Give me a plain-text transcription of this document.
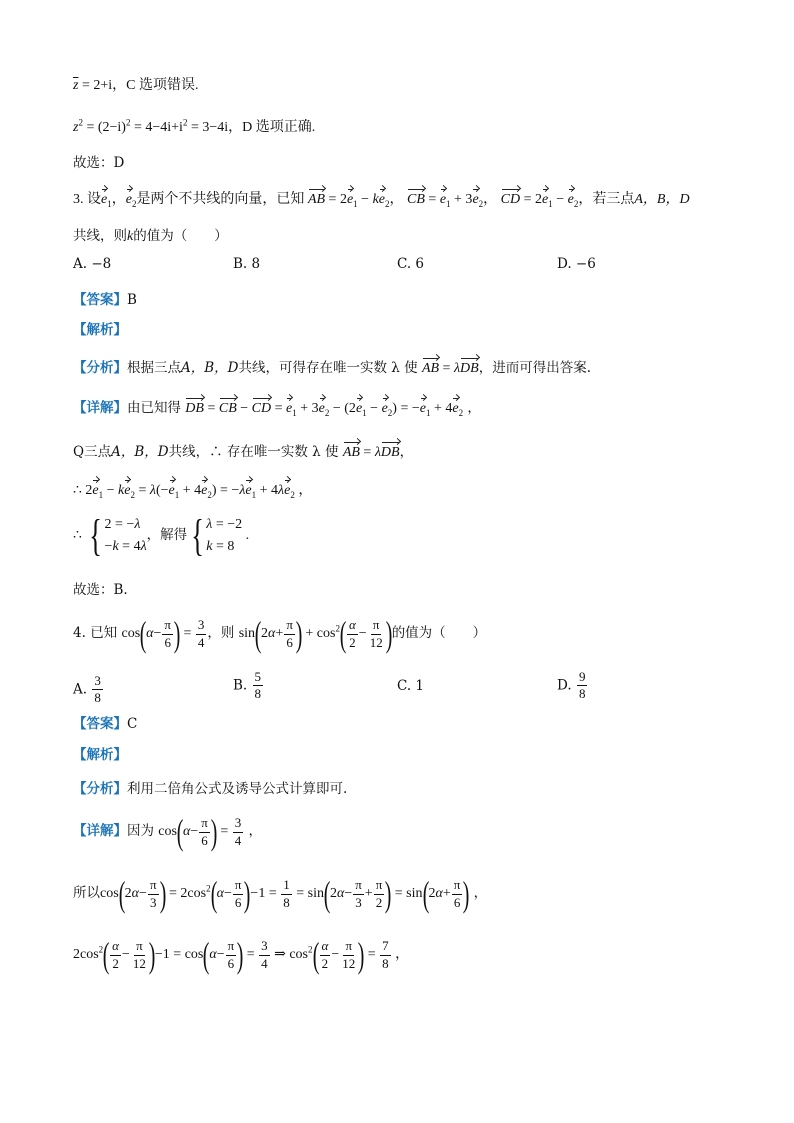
$\overline{z} = 2+i$，C 选项错误.
$z^2 = (2-i)^2 = 4-4i+i^2 = 3-4i$，D 选项正确.
故选：D
3. 设$e_1$，$e_2$是两个不共线的向量，已知 AB = $2e_1 - ke_2$， CB = $e_1 + 3e_2$， CD = $2e_1 - e_2$，若三点A，B，D
共线，则k的值为（　　）
A. −8	B. 8	C. 6	D. −6
【答案】B
【解析】
【分析】根据三点A，B，D共线，可得存在唯一实数 λ 使 AB = λDB，进而可得出答案.
【详解】由已知得 DB = CB − CD = $e_1 + 3e_2 - (2e_1 - e_2) = -e_1 + 4e_2$ ，
Q三点A，B，D共线，∴ 存在唯一实数 λ 使 AB = λDB，
∴ $2e_1 - ke_2 = \lambda(-e_1 + 4e_2) = -\lambda e_1 + 4\lambda e_2$ ，
∴ { 2 = −λ
−k = 4λ
，解得 { λ = −2
k = 8
.
故选：B.
4. 已知 $\cos(\alpha- \frac{\pi}{6}$ ) = $\frac{3}{4}$ ，则 $\sin(2\alpha+ \frac{\pi}{6}$ ) + $\cos^2( \frac{\alpha}{2} - \frac{\pi}{12}$ )的值为（　　）
A. $\frac{3}{8}$	B. $\frac{5}{8}$	C. 1	D. $\frac{9}{8}$
【答案】C
【解析】
【分析】利用二倍角公式及诱导公式计算即可.
【详解】因为 $\cos(\alpha- \frac{\pi}{6}$ ) = $\frac{3}{4}$ ，
所以$\cos(2\alpha- \frac{\pi}{3}$ ) = $2\cos^2(\alpha- \frac{\pi}{6} )-1 = \frac{1}{8} = \sin(2\alpha- \frac{\pi}{3} + \frac{\pi}{2}$ ) = $\sin(2\alpha+ \frac{\pi}{6}$ ) ，
$2\cos^2( \frac{\alpha}{2} - \frac{\pi}{12} )-1 = \cos(\alpha- \frac{\pi}{6}$ ) = $\frac{3}{4}$ ⇒ $\cos^2( \frac{\alpha}{2} - \frac{\pi}{12}$ ) = $\frac{7}{8}$ ，
